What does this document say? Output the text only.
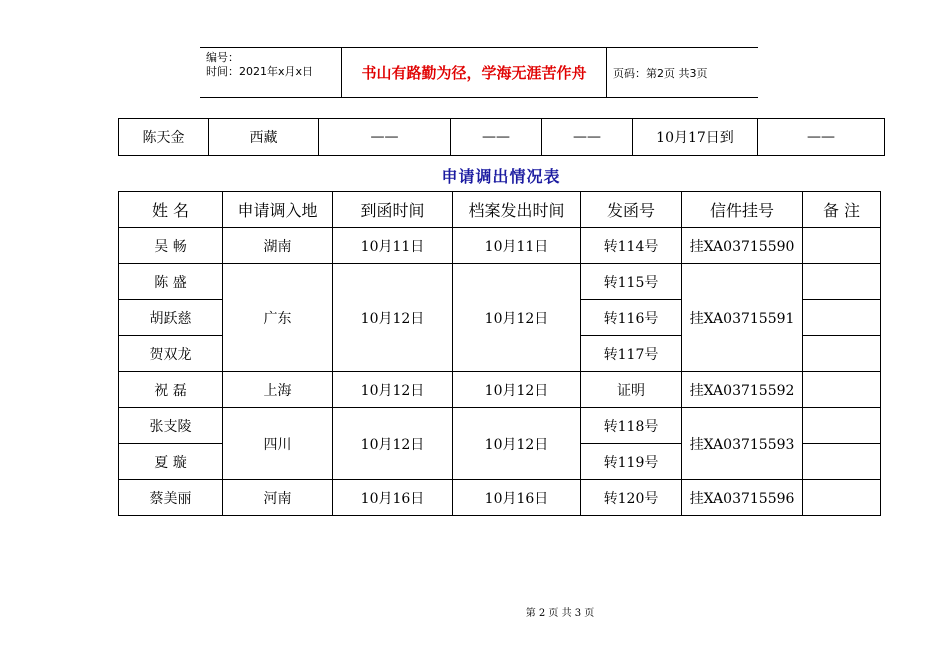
编号：
时间：2021年x月x日	书山有路勤为径，学海无涯苦作舟	页码：第2页 共3页
陈天金	西藏	——	——	——	10月17日到	——
申请调出情况表
姓 名	申请调入地	到函时间	档案发出时间	发函号	信件挂号	备 注
吴 畅	湖南	10月11日	10月11日	转114号	挂XA03715590	
陈 盛	广东	10月12日	10月12日	转115号	挂XA03715591	
胡跃慈				转116号		
贺双龙				转117号		
祝 磊	上海	10月12日	10月12日	证明	挂XA03715592	
张支陵	四川	10月12日	10月12日	转118号	挂XA03715593	
夏 璇				转119号		
蔡美丽	河南	10月16日	10月16日	转120号	挂XA03715596	
第 2 页 共 3 页
